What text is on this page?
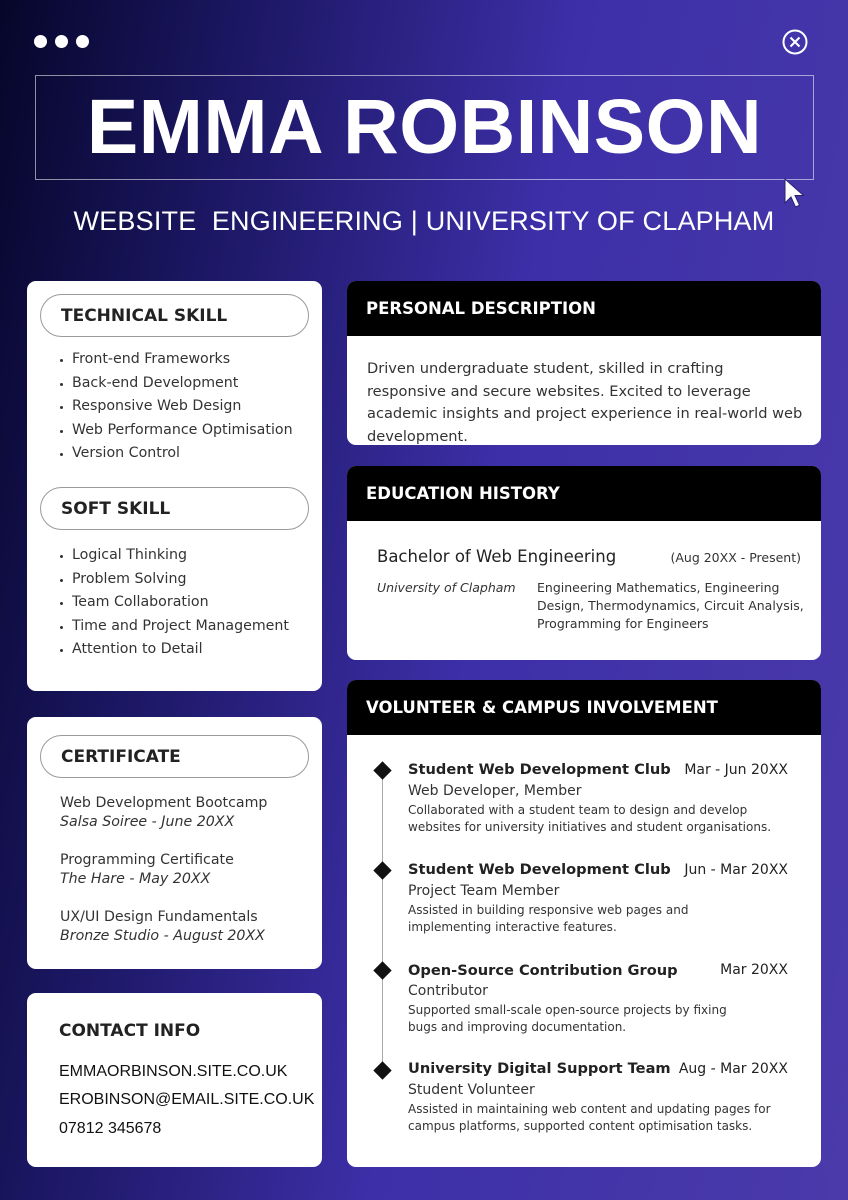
EMMA ROBINSON
WEBSITE  ENGINEERING | UNIVERSITY OF CLAPHAM
TECHNICAL SKILL
Front-end Frameworks
Back-end Development
Responsive Web Design
Web Performance Optimisation
Version Control
SOFT SKILL
Logical Thinking
Problem Solving
Team Collaboration
Time and Project Management
Attention to Detail
CERTIFICATE
Web Development Bootcamp
Salsa Soiree - June 20XX
Programming Certificate
The Hare - May 20XX
UX/UI Design Fundamentals
Bronze Studio - August 20XX
CONTACT INFO
EMMAORBINSON.SITE.CO.UK
EROBINSON@EMAIL.SITE.CO.UK
07812 345678
PERSONAL DESCRIPTION
Driven undergraduate student, skilled in crafting responsive and secure websites. Excited to leverage academic insights and project experience in real-world web development.
EDUCATION HISTORY
Bachelor of Web Engineering	(Aug 20XX - Present)
University of Clapham Engineering Mathematics, Engineering Design, Thermodynamics, Circuit Analysis, Programming for Engineers
VOLUNTEER & CAMPUS INVOLVEMENT
Student Web Development Club Mar - Jun 20XX
Web Developer, Member
Collaborated with a student team to design and develop websites for university initiatives and student organisations.
Student Web Development Club Jun - Mar 20XX
Project Team Member
Assisted in building responsive web pages and implementing interactive features.
Open-Source Contribution Group	Mar 20XX
Contributor
Supported small-scale open-source projects by fixing bugs and improving documentation.
University Digital Support Team Aug - Mar 20XX
Student Volunteer
Assisted in maintaining web content and updating pages for campus platforms, supported content optimisation tasks.
